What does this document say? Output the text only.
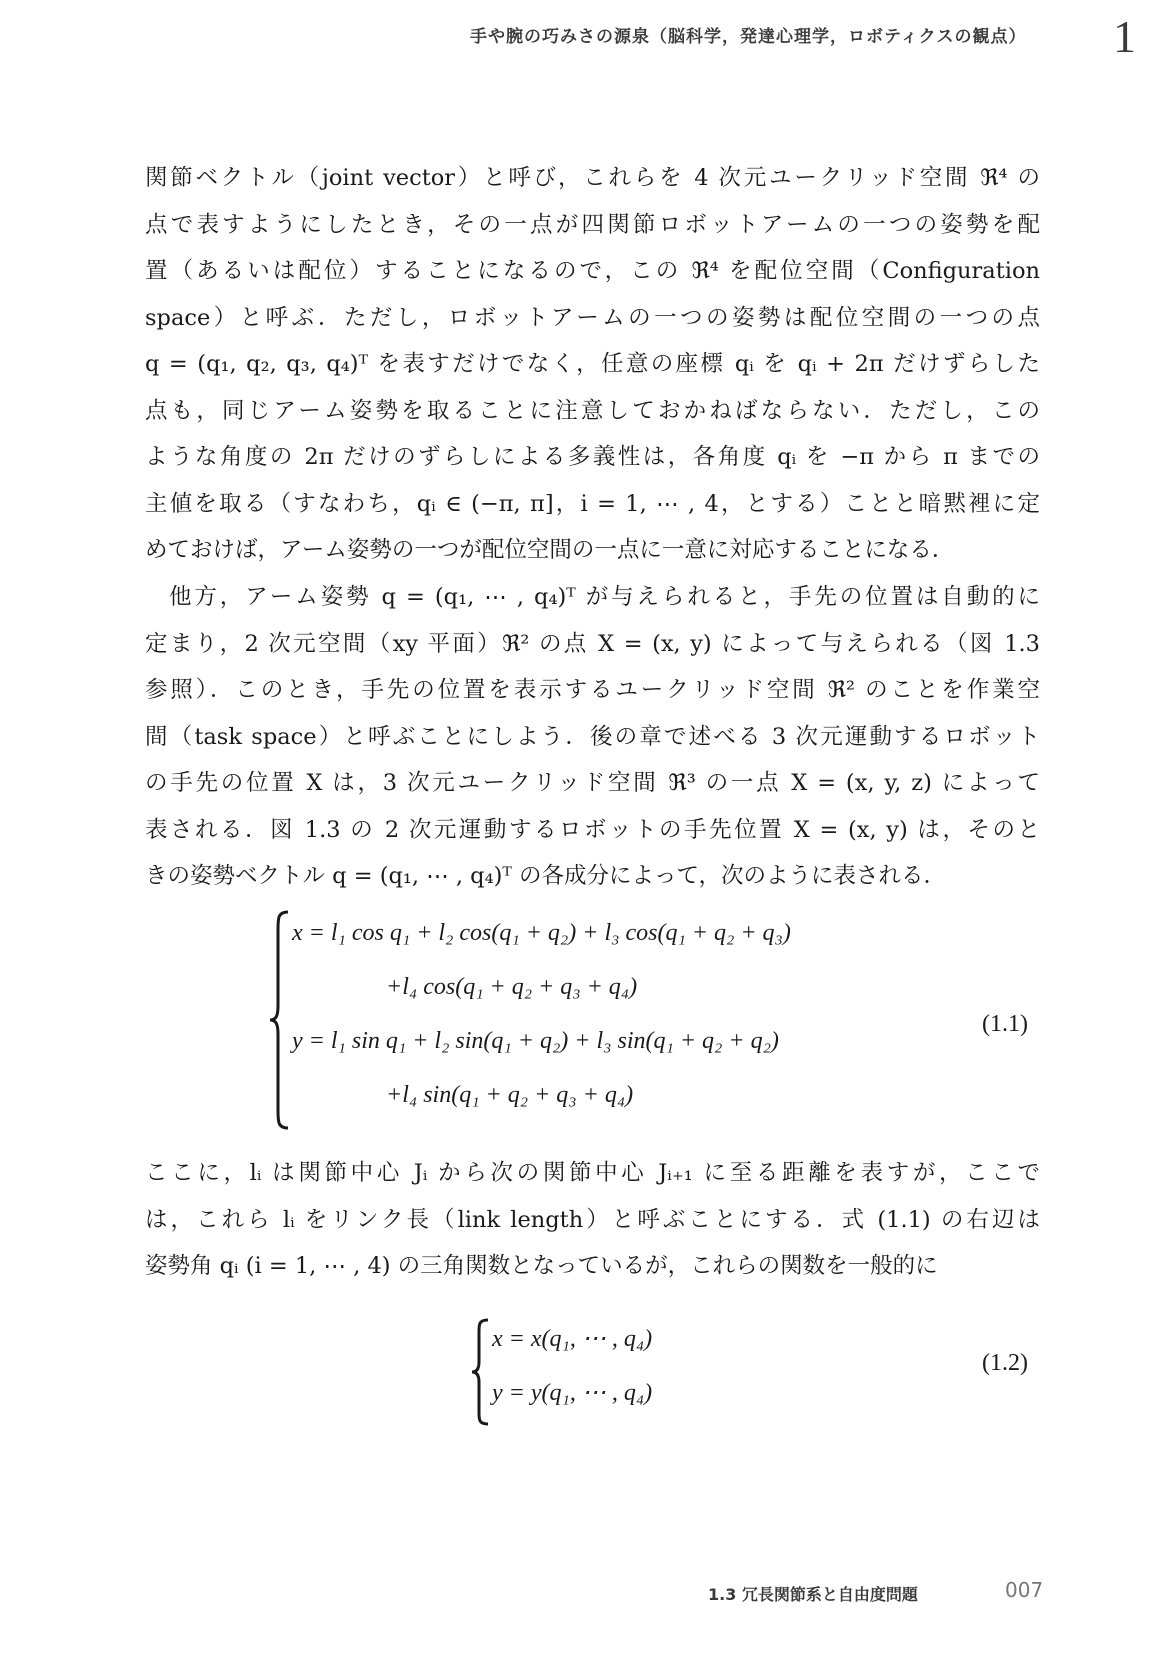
手や腕の巧みさの源泉（脳科学，発達心理学，ロボティクスの観点） 1
関節ベクトル（joint vector）と呼び，これらを 4 次元ユークリッド空間 ℜ⁴ の
点で表すようにしたとき，その一点が四関節ロボットアームの一つの姿勢を配
置（あるいは配位）することになるので，この ℜ⁴ を配位空間（Configuration
space）と呼ぶ．ただし，ロボットアームの一つの姿勢は配位空間の一つの点
q = (q₁, q₂, q₃, q₄)ᵀ を表すだけでなく，任意の座標 qᵢ を qᵢ + 2π だけずらした
点も，同じアーム姿勢を取ることに注意しておかねばならない．ただし，この
ような角度の 2π だけのずらしによる多義性は，各角度 qᵢ を −π から π までの
主値を取る（すなわち，qᵢ ∈ (−π, π]，i = 1, ⋯ , 4，とする）ことと暗黙裡に定
めておけば，アーム姿勢の一つが配位空間の一点に一意に対応することになる．
他方，アーム姿勢 q = (q₁, ⋯ , q₄)ᵀ が与えられると，手先の位置は自動的に
定まり，2 次元空間（xy 平面）ℜ² の点 X = (x, y) によって与えられる（図 1.3
参照）．このとき，手先の位置を表示するユークリッド空間 ℜ² のことを作業空
間（task space）と呼ぶことにしよう．後の章で述べる 3 次元運動するロボット
の手先の位置 X は，3 次元ユークリッド空間 ℜ³ の一点 X = (x, y, z) によって
表される．図 1.3 の 2 次元運動するロボットの手先位置 X = (x, y) は，そのと
きの姿勢ベクトル q = (q₁, ⋯ , q₄)ᵀ の各成分によって，次のように表される．
x = l₁ cos q₁ + l₂ cos(q₁ + q₂) + l₃ cos(q₁ + q₂ + q₃)
+l₄ cos(q₁ + q₂ + q₃ + q₄)
y = l₁ sin q₁ + l₂ sin(q₁ + q₂) + l₃ sin(q₁ + q₂ + q₂)
+l₄ sin(q₁ + q₂ + q₃ + q₄)
(1.1)
ここに，lᵢ は関節中心 Jᵢ から次の関節中心 Jᵢ₊₁ に至る距離を表すが，ここで
は，これら lᵢ をリンク長（link length）と呼ぶことにする．式 (1.1) の右辺は
姿勢角 qᵢ (i = 1, ⋯ , 4) の三角関数となっているが，これらの関数を一般的に
x = x(q₁, ⋯ , q₄)
y = y(q₁, ⋯ , q₄)
(1.2)
1.3 冗長関節系と自由度問題	007
